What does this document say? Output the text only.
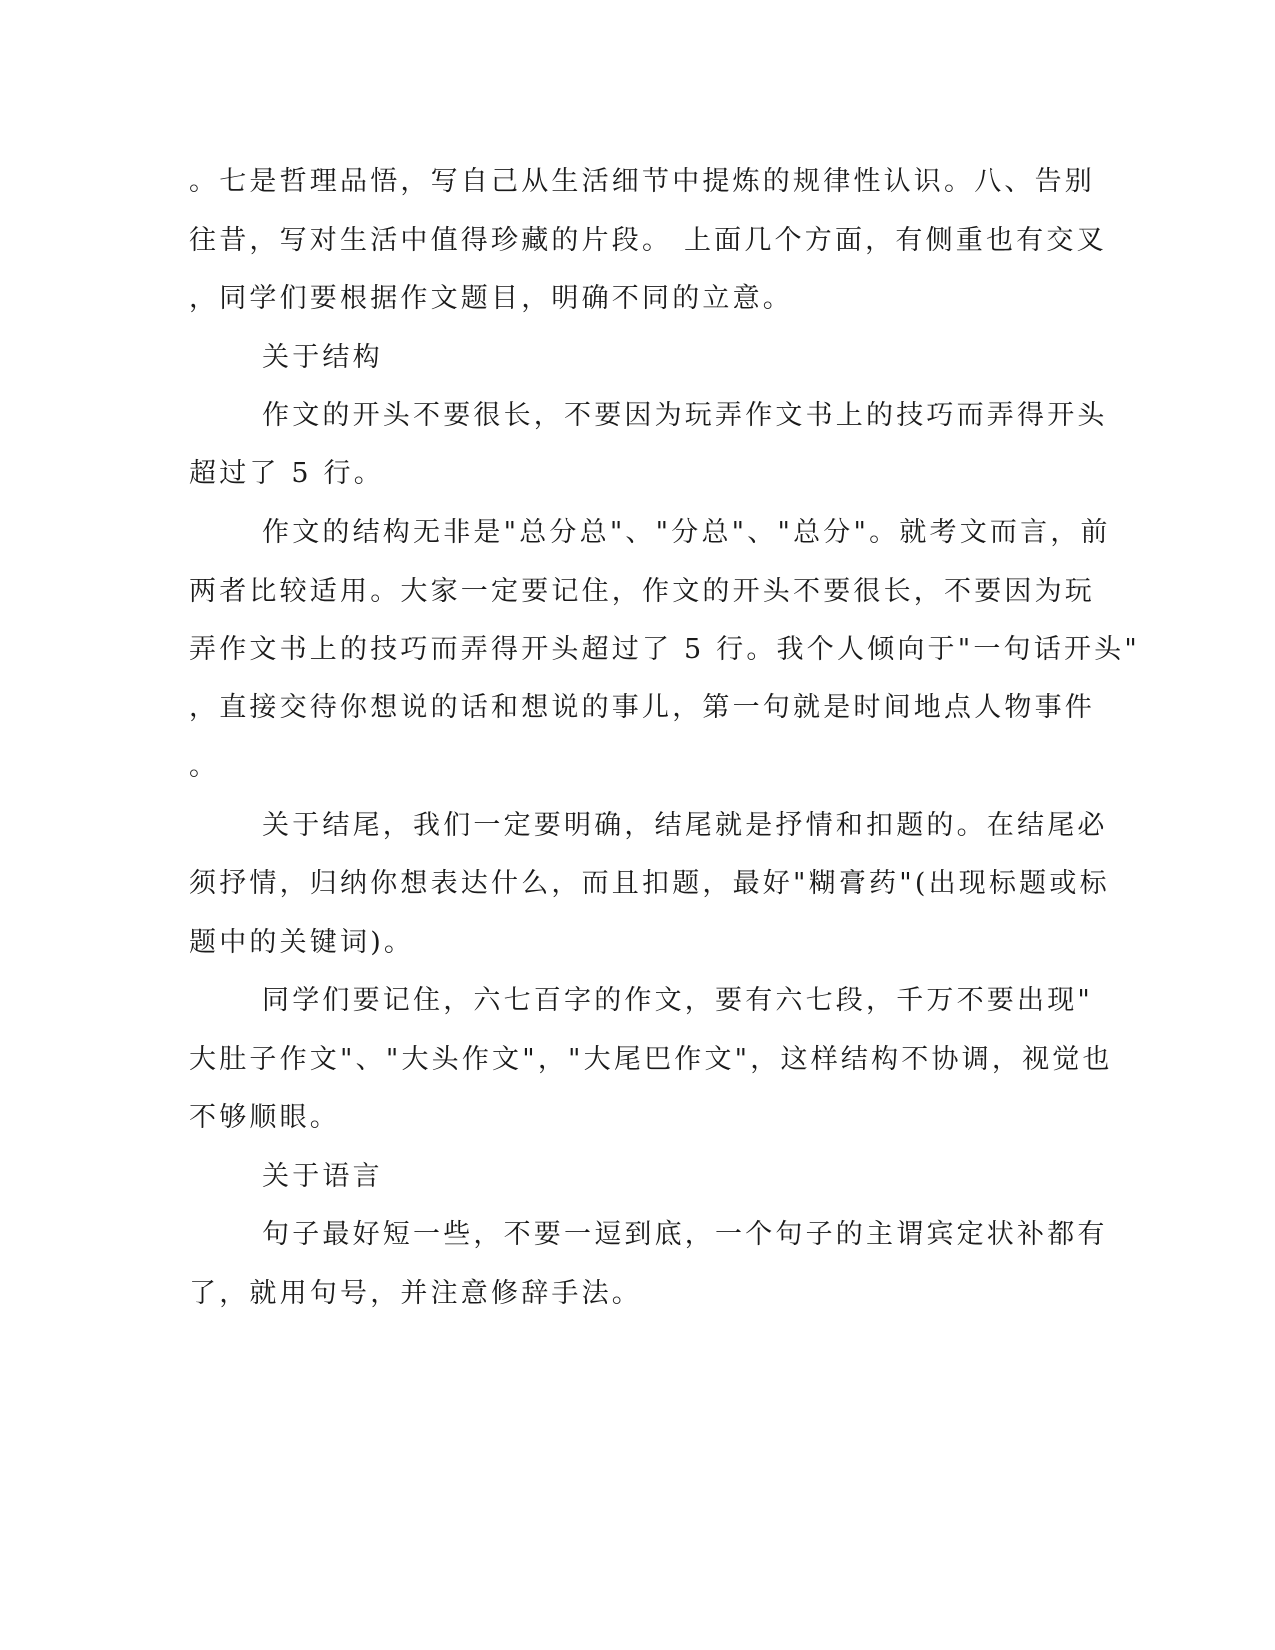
。七是哲理品悟，写自己从生活细节中提炼的规律性认识。八、告别
往昔，写对生活中值得珍藏的片段。 上面几个方面，有侧重也有交叉
，同学们要根据作文题目，明确不同的立意。
关于结构
作文的开头不要很长，不要因为玩弄作文书上的技巧而弄得开头
超过了 5 行。
作文的结构无非是"总分总"、"分总"、"总分"。就考文而言，前
两者比较适用。大家一定要记住，作文的开头不要很长，不要因为玩
弄作文书上的技巧而弄得开头超过了 5 行。我个人倾向于"一句话开头"
，直接交待你想说的话和想说的事儿，第一句就是时间地点人物事件
。
关于结尾，我们一定要明确，结尾就是抒情和扣题的。在结尾必
须抒情，归纳你想表达什么，而且扣题，最好"糊膏药"(出现标题或标
题中的关键词)。
同学们要记住，六七百字的作文，要有六七段，千万不要出现"
大肚子作文"、"大头作文"，"大尾巴作文"，这样结构不协调，视觉也
不够顺眼。
关于语言
句子最好短一些，不要一逗到底，一个句子的主谓宾定状补都有
了，就用句号，并注意修辞手法。
